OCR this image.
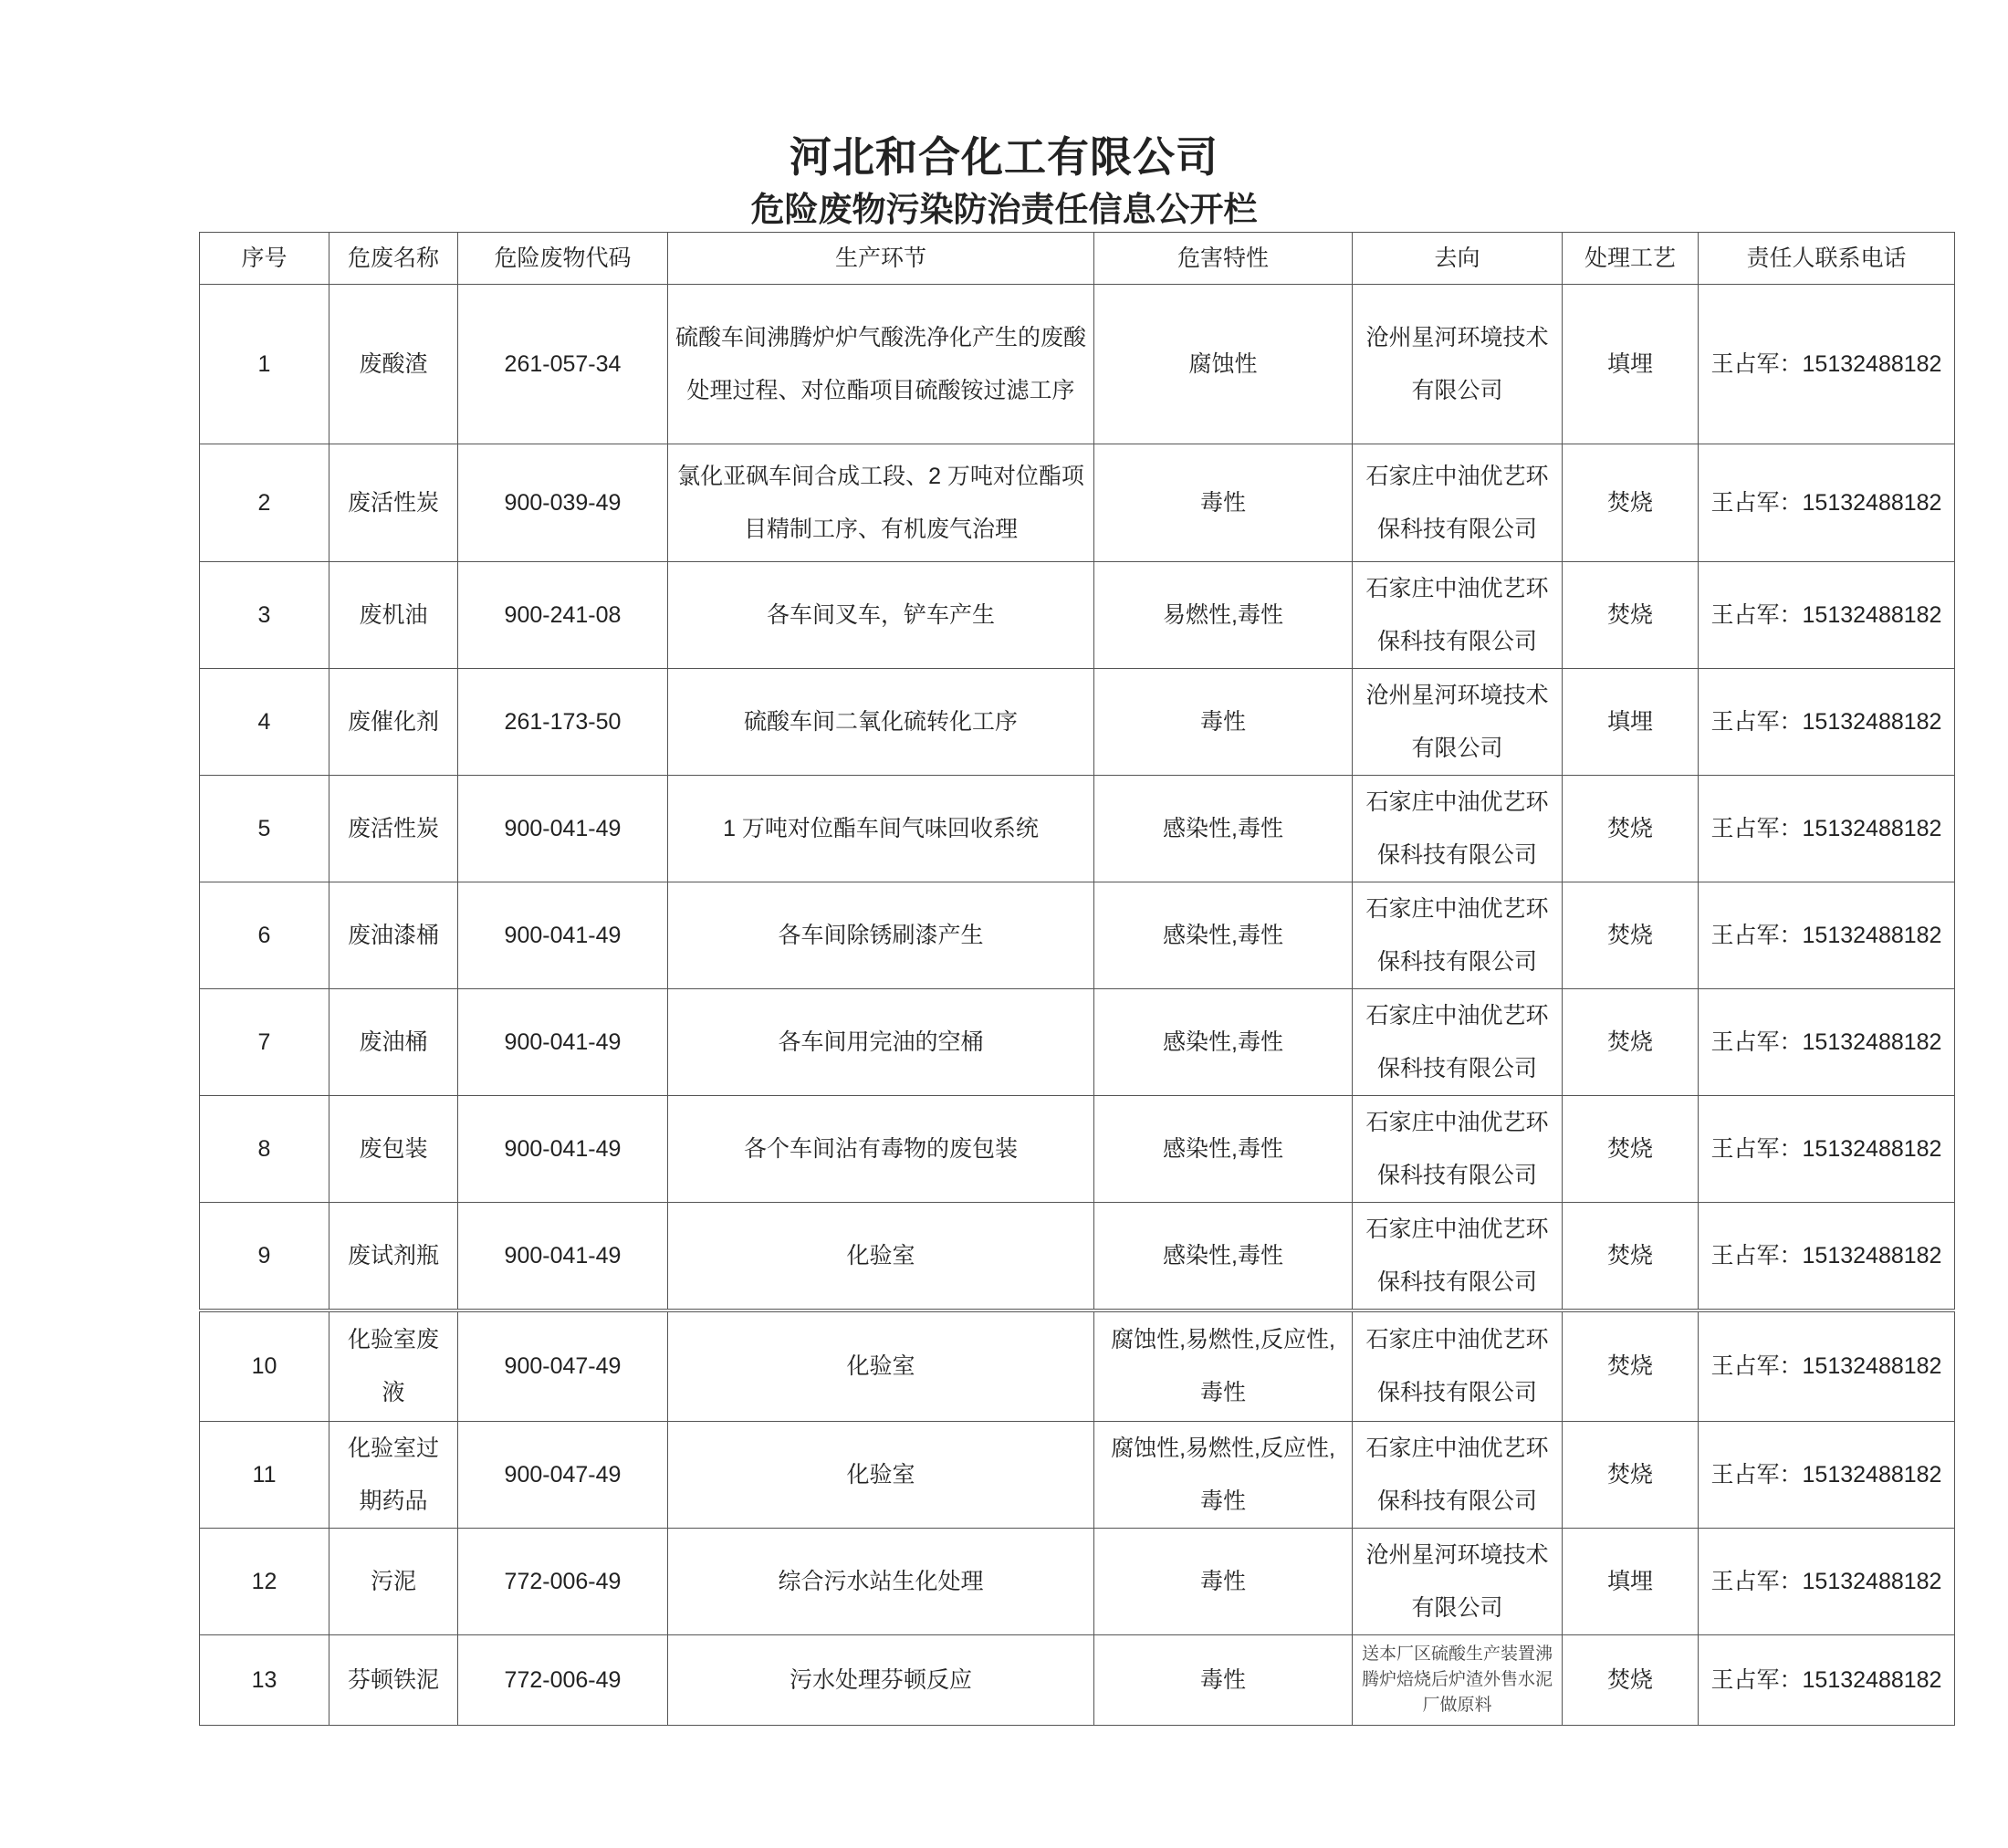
河北和合化工有限公司
危险废物污染防治责任信息公开栏
序号	危废名称	危险废物代码	生产环节	危害特性	去向	处理工艺	责任人联系电话
1	废酸渣	261-057-34	硫酸车间沸腾炉炉气酸洗净化产生的废酸处理过程、对位酯项目硫酸铵过滤工序	腐蚀性	沧州星河环境技术有限公司	填埋	王占军：15132488182
2	废活性炭	900-039-49	氯化亚砜车间合成工段、2 万吨对位酯项目精制工序、有机废气治理	毒性	石家庄中油优艺环保科技有限公司	焚烧	王占军：15132488182
3	废机油	900-241-08	各车间叉车，铲车产生	易燃性,毒性	石家庄中油优艺环保科技有限公司	焚烧	王占军：15132488182
4	废催化剂	261-173-50	硫酸车间二氧化硫转化工序	毒性	沧州星河环境技术有限公司	填埋	王占军：15132488182
5	废活性炭	900-041-49	1 万吨对位酯车间气味回收系统	感染性,毒性	石家庄中油优艺环保科技有限公司	焚烧	王占军：15132488182
6	废油漆桶	900-041-49	各车间除锈刷漆产生	感染性,毒性	石家庄中油优艺环保科技有限公司	焚烧	王占军：15132488182
7	废油桶	900-041-49	各车间用完油的空桶	感染性,毒性	石家庄中油优艺环保科技有限公司	焚烧	王占军：15132488182
8	废包装	900-041-49	各个车间沾有毒物的废包装	感染性,毒性	石家庄中油优艺环保科技有限公司	焚烧	王占军：15132488182
9	废试剂瓶	900-041-49	化验室	感染性,毒性	石家庄中油优艺环保科技有限公司	焚烧	王占军：15132488182
10	化验室废液	900-047-49	化验室	腐蚀性,易燃性,反应性,毒性	石家庄中油优艺环保科技有限公司	焚烧	王占军：15132488182
11	化验室过期药品	900-047-49	化验室	腐蚀性,易燃性,反应性,毒性	石家庄中油优艺环保科技有限公司	焚烧	王占军：15132488182
12	污泥	772-006-49	综合污水站生化处理	毒性	沧州星河环境技术有限公司	填埋	王占军：15132488182
13	芬顿铁泥	772-006-49	污水处理芬顿反应	毒性	送本厂区硫酸生产装置沸腾炉焙烧后炉渣外售水泥厂做原料	焚烧	王占军：15132488182
